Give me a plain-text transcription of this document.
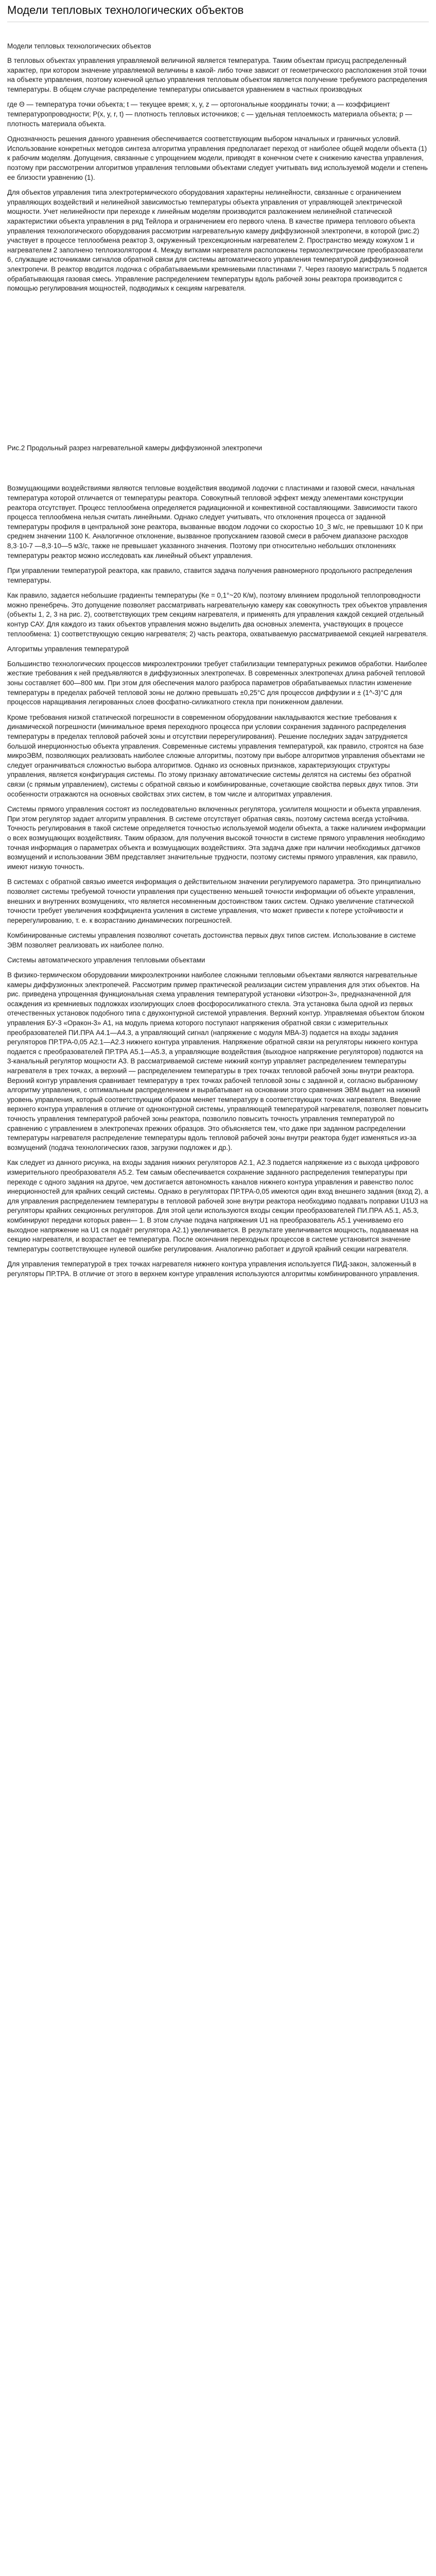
Модели тепловых технологических объектов

Модели тепловых технологических объектов

В тепловых объектах управления управляемой величиной является температура. Таким объектам присущ распределенный характер, при котором значение управляемой величины в какой- либо точке зависит от геометрического расположения этой точки на объекте управления, поэтому конечной целью управления тепловым объектом является получение требуемого распределения температуры. В общем случае распределение температуры описывается уравнением в частных производных

где Θ — температура точки объекта; t — текущее время; x, y, z — ортогональные координаты точки; a — коэффициент температуропроводности; P(x, y, r, t) — плотность тепловых источников; c — удельная теплоемкость материала объекта; p — плотность материала объекта.

Однозначность решения данного уравнения обеспечивается соответствующим выбором начальных и граничных условий. Использование конкретных методов синтеза алгоритма управления предполагает переход от наиболее общей модели объекта (1) к рабочим моделям. Допущения, связанные с упрощением модели, приводят в конечном счете к снижению качества управления, поэтому при рассмотрении алгоритмов управления тепловыми объектами следует учитывать вид используемой модели и степень ее близости уравнению (1).

Для объектов управления типа электротермического оборудования характерны нелинейности, связанные с ограничением управляющих воздействий и нелинейной зависимостью температуры объекта управления от управляющей электрической мощности. Учет нелинейности при переходе к линейным моделям производится разложением нелинейной статической характеристики объекта управления в ряд Тейлора и ограничением его первого члена. В качестве примера теплового объекта управления технологического оборудования рассмотрим нагревательную камеру диффузионной электропечи, в которой (рис.2) участвует в процессе теплообмена реактор 3, окруженный трехсекционным нагревателем 2. Пространство между кожухом 1 и нагревателем 2 заполнено теплоизолятором 4. Между витками нагревателя расположены термоэлектрические преобразователи 6, служащие источниками сигналов обратной связи для системы автоматического управления температурой диффузионной электропечи. В реактор вводится лодочка с обрабатываемыми кремниевыми пластинами 7. Через газовую магистраль 5 подается обрабатывающая газовая смесь. Управление распределением температуры вдоль рабочей зоны реактора производится с помощью регулирования мощностей, подводимых к секциям нагревателя.

Рис.2 Продольный разрез нагревательной камеры диффузионной электропечи

Возмущающими воздействиями являются тепловые воздействия вводимой лодочки с пластинами и газовой смеси, начальная температура которой отличается от температуры реактора. Совокупный тепловой эффект между элементами конструкции реактора отсутствует. Процесс теплообмена определяется радиационной и конвективной составляющими. Зависимости такого процесса теплообмена нельзя считать линейными. Однако следует учитывать, что отклонения процесса от заданной температуры профиля в центральной зоне реактора, вызванные вводом лодочки со скоростью 10_3 м/с, не превышают 10 К при среднем значении 1100 К. Аналогичное отклонение, вызванное пропусканием газовой смеси в рабочем диапазоне расходов 8,3·10-7 —8,3·10—5 м3/с, также не превышает указанного значения. Поэтому при относительно небольших отклонениях температуры реактор можно исследовать как линейный объект управления.

При управлении температурой реактора, как правило, ставится задача получения равномерного продольного распределения температуры.

Как правило, задается небольшие градиенты температуры (Ке = 0,1°~20 К/м), поэтому влиянием продольной теплопроводности можно пренебречь. Это допущение позволяет рассматривать нагревательную камеру как совокупность трех объектов управления (объекты 1, 2, 3 на рис. 2), соответствующих трем секциям нагревателя, и применять для управления каждой секцией отдельный контур САУ. Для каждого из таких объектов управления можно выделить два основных элемента, участвующих в процессе теплообмена: 1) соответствующую секцию нагревателя; 2) часть реактора, охватываемую рассматриваемой секцией нагревателя.

Алгоритмы управления температурой

Большинство технологических процессов микроэлектроники требует стабилизации температурных режимов обработки. Наиболее жесткие требования к ней предъявляются в диффузионных электропечах. В современных электропечах длина рабочей тепловой зоны составляет 600—800 мм. При этом для обеспечения малого разброса параметров обрабатываемых пластин изменение температуры в пределах рабочей тепловой зоны не должно превышать ±0,25°С для процессов диффузии и ± (1^-3)°С для процессов наращивания легированных слоев фосфатно-силикатного стекла при пониженном давлении.

Кроме требования низкой статической погрешности в современном оборудовании накладываются жесткие требования к динамической погрешности (минимальное время переходного процесса при условии сохранения заданного распределения температуры в пределах тепловой рабочей зоны и отсутствии перерегулирования). Решение последних задач затрудняется большой инерционностью объекта управления. Современные системы управления температурой, как правило, строятся на базе микроЭВМ, позволяющих реализовать наиболее сложные алгоритмы, поэтому при выборе алгоритмов управления объектами не следует ограничиваться сложностью выбора алгоритмов. Однако из основных признаков, характеризующих структуры управления, является конфигурация системы. По этому признаку автоматические системы делятся на системы без обратной связи (с прямым управлением), системы с обратной связью и комбинированные, сочетающие свойства первых двух типов. Эти особенности отражаются на основных свойствах этих систем, в том числе и алгоритмах управления.

Системы прямого управления состоят из последовательно включенных регулятора, усилителя мощности и объекта управления. При этом регулятор задает алгоритм управления. В системе отсутствует обратная связь, поэтому система всегда устойчива. Точность регулирования в такой системе определяется точностью используемой модели объекта, а также наличием информации о всех возмущающих воздействиях. Таким образом, для получения высокой точности в системе прямого управления необходимо точная информация о параметрах объекта и возмущающих воздействиях. Эта задача даже при наличии необходимых датчиков возмущений и использовании ЭВМ представляет значительные трудности, поэтому системы прямого управления, как правило, имеют низкую точность.

В системах с обратной связью имеется информация о действительном значении регулируемого параметра. Это принципиально позволяет системы требуемой точности управления при существенно меньшей точности информации об объекте управления, внешних и внутренних возмущениях, что является несомненным достоинством таких систем. Однако увеличение статической точности требует увеличения коэффициента усиления в системе управления, что может привести к потере устойчивости и перерегулированию, т. е. к возрастанию динамических погрешностей.

Комбинированные системы управления позволяют сочетать достоинства первых двух типов систем. Использование в системе ЭВМ позволяет реализовать их наиболее полно.

Системы автоматического управления тепловыми объектами

В физико-термическом оборудовании микроэлектроники наиболее сложными тепловыми объектами являются нагревательные камеры диффузионных электропечей. Рассмотрим пример практической реализации систем управления для этих объектов. На рис. приведена упрощенная функциональная схема управления температурой установки «Изотрон-3», предназначенной для осаждения из кремниевых подложках изолирующих слоев фосфоросиликатного стекла. Эта установка была одной из первых отечественных установок подобного типа с двухконтурной системой управления. Верхний контур. Управляемая объектом блоком управления БУ-3 «Оракон-3» А1, на модуль приема которого поступают напряжения обратной связи с измерительных преобразователей ПИ.ПРА А4.1—А4.3, а управляющий сигнал (напряжение с модуля МВА-3) подается на входы задания регуляторов ПР.ТРА-0,05 А2.1—А2.3 нижнего контура управления. Напряжение обратной связи на регуляторы нижнего контура подается с преобразователей ПР.ТРА А5.1—А5.3, а управляющие воздействия (выходное напряжение регуляторов) подаются на 3-канальный регулятор мощности А3. В рассматриваемой системе нижний контур управляет распределением температуры нагревателя в трех точках, а верхний — распределением температуры в трех точках тепловой рабочей зоны внутри реактора. Верхний контур управления сравнивает температуру в трех точках рабочей тепловой зоны с заданной и, согласно выбранному алгоритму управления, с оптимальным распределением и вырабатывает на основании этого сравнения ЭВМ выдает на нижний уровень управления, который соответствующим образом меняет температуру в соответствующих точках нагревателя. Введение верхнего контура управления в отличие от одноконтурной системы, управляющей температурой нагревателя, позволяет повысить точность управления температурой рабочей зоны реактора, позволило повысить точность управления температурой по сравнению с управлением в электропечах прежних образцов. Это объясняется тем, что даже при заданном распределении температуры нагревателя распределение температуры вдоль тепловой рабочей зоны внутри реактора будет изменяться из-за возмущений (подача технологических газов, загрузки подложек и др.).

Как следует из данного рисунка, на входы задания нижних регуляторов А2.1, А2.3 подается напряжение из с выхода цифрового измерительного преобразователя А5.2. Тем самым обеспечивается сохранение заданного распределения температуры при переходе с одного задания на другое, чем достигается автономность каналов нижнего контура управления и равенство полос инерционностей для крайних секций системы. Однако в регуляторах ПР.ТРА-0,05 имеются один вход внешнего задания (вход 2), а для управления распределением температуры в тепловой рабочей зоне внутри реактора необходимо подавать поправки U1U3 на регуляторы крайних секционных регуляторов. Для этой цели используются входы секции преобразователей ПИ.ПРА А5.1, А5.3, комбинируют передачи которых равен— 1. В этом случае подача напряжения U1 на преобразователь А5.1 учениваемо его выходное напряжение на U1 ся подаёт регулятора А2.1) увеличивается. В результате увеличивается мощность, подаваемая на секцию нагревателя, и возрастает ее температура. После окончания переходных процессов в системе установится значение температуры соответствующее нулевой ошибке регулирования. Аналогично работает и другой крайний секции нагревателя.

Для управления температурой в трех точках нагревателя нижнего контура управления используется ПИД-закон, заложенный в регуляторы ПР.ТРА. В отличие от этого в верхнем контуре управления используются алгоритмы комбинированного управления.
